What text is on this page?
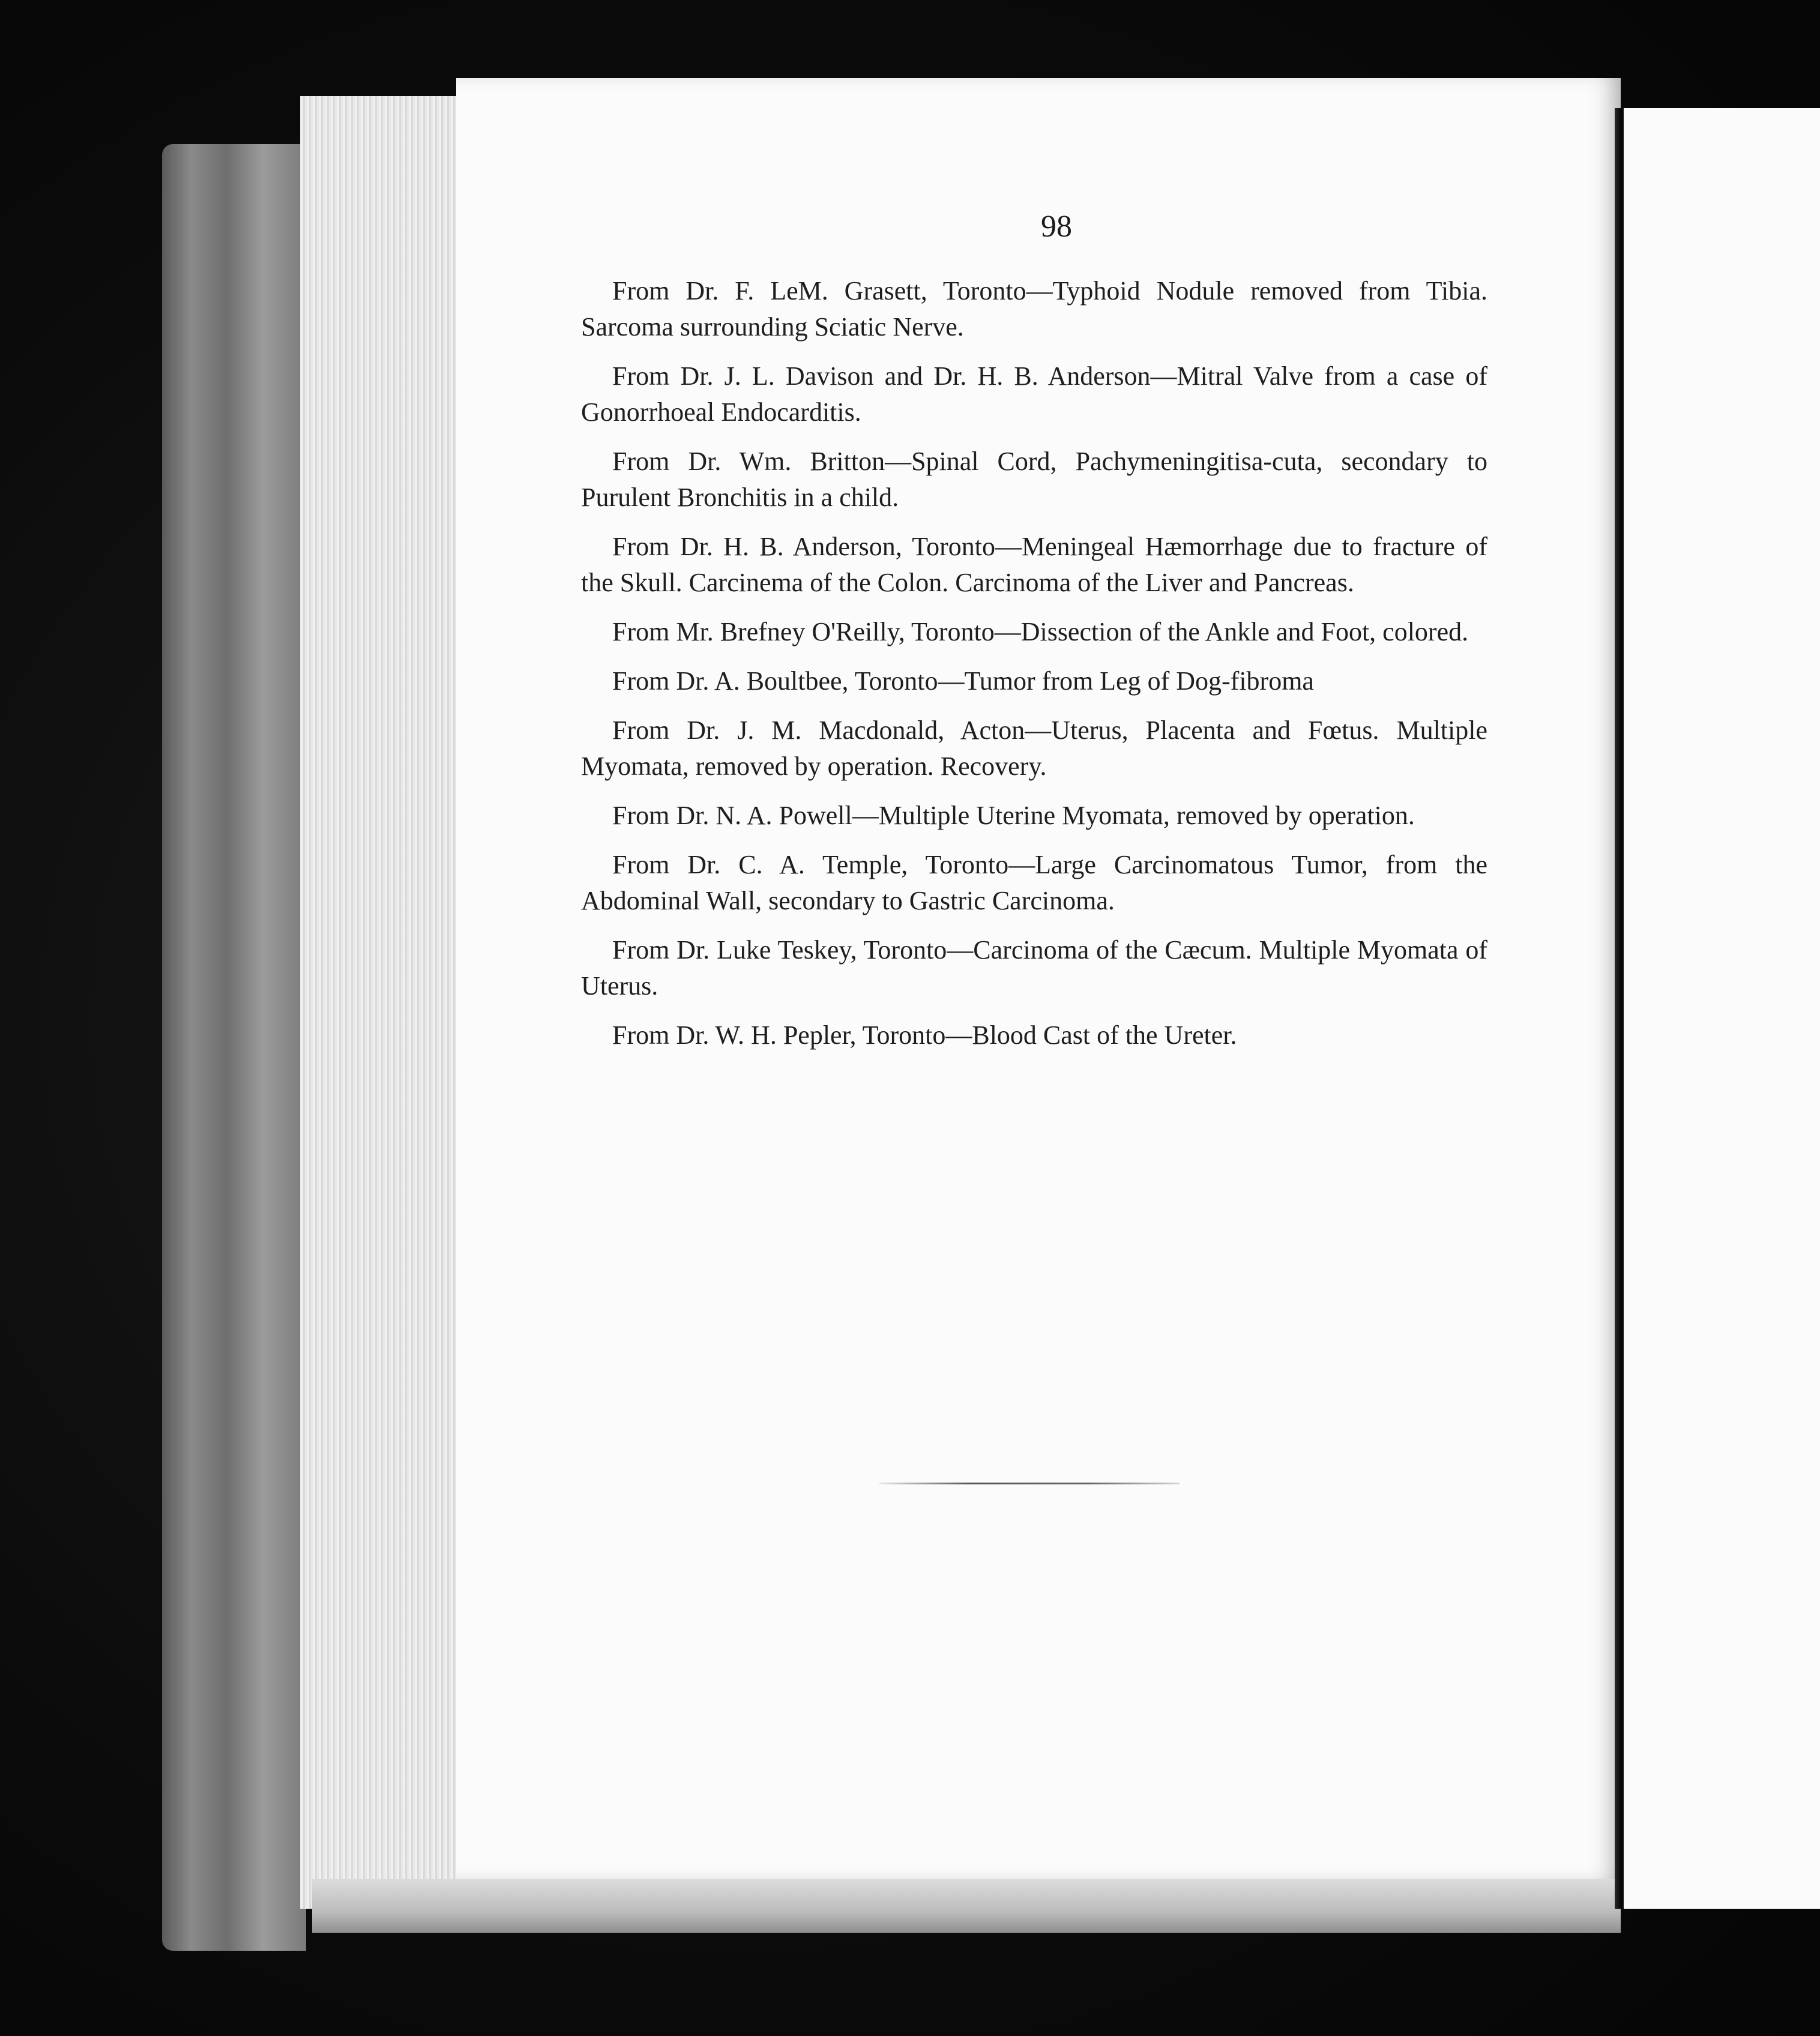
98

From Dr. F. LeM. Grasett, Toronto—Typhoid Nodule removed from Tibia. Sarcoma surrounding Sciatic Nerve.

From Dr. J. L. Davison and Dr. H. B. Anderson—Mitral Valve from a case of Gonorrhoeal Endocarditis.

From Dr. Wm. Britton—Spinal Cord, Pachymeningitisa-cuta, secondary to Purulent Bronchitis in a child.

From Dr. H. B. Anderson, Toronto—Meningeal Hæmorrhage due to fracture of the Skull. Carcinema of the Colon. Carcinoma of the Liver and Pancreas.

From Mr. Brefney O'Reilly, Toronto—Dissection of the Ankle and Foot, colored.

From Dr. A. Boultbee, Toronto—Tumor from Leg of Dog-fibroma

From Dr. J. M. Macdonald, Acton—Uterus, Placenta and Fœtus. Multiple Myomata, removed by operation. Recovery.

From Dr. N. A. Powell—Multiple Uterine Myomata, removed by operation.

From Dr. C. A. Temple, Toronto—Large Carcinomatous Tumor, from the Abdominal Wall, secondary to Gastric Carcinoma.

From Dr. Luke Teskey, Toronto—Carcinoma of the Cæcum. Multiple Myomata of Uterus.

From Dr. W. H. Pepler, Toronto—Blood Cast of the Ureter.
